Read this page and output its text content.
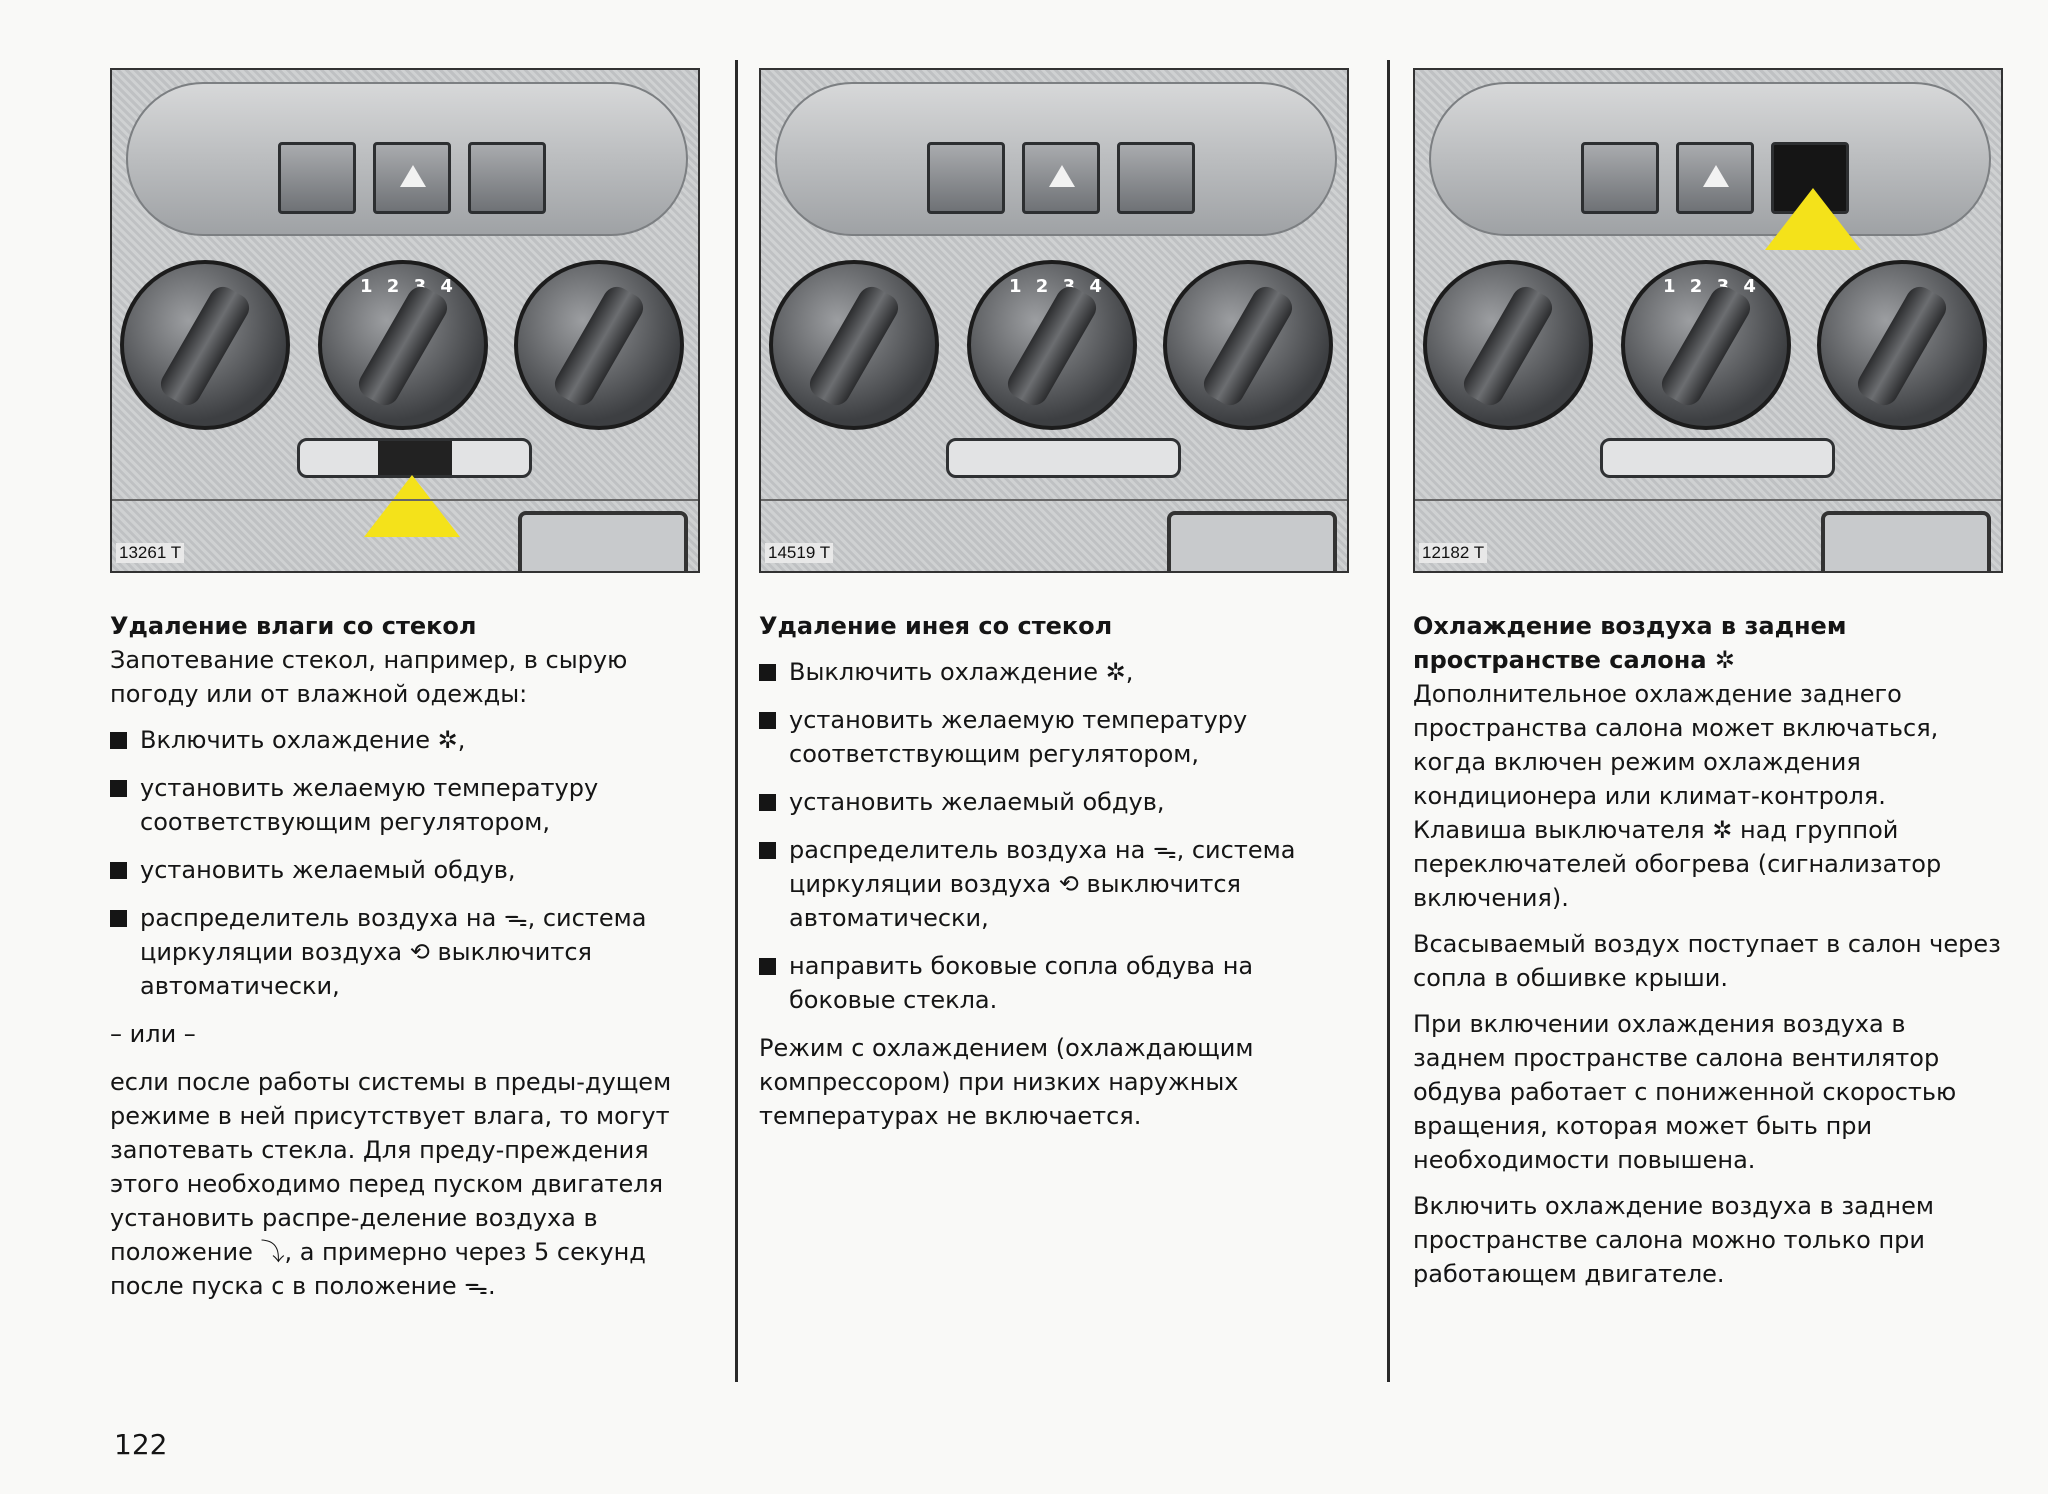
1 2 3 4
13261 T

Удаление влаги со стекол

Запотевание стекол, например, в сырую погоду или от влажной одежды:

Включить охлаждение ✲,

установить желаемую температуру соответствующим регулятором,

установить желаемый обдув,

распределитель воздуха на ᯓ, система циркуляции воздуха ⟲ выключится автоматически,

– или –

если после работы системы в преды-дущем режиме в ней присутствует влага, то могут запотевать стекла. Для преду-преждения этого необходимо перед пуском двигателя установить распре-деление воздуха в положение ⤵, а примерно через 5 секунд после пуска с в положение ᯓ.

1 2 3 4
14519 T

Удаление инея со стекол

Выключить охлаждение ✲,

установить желаемую температуру соответствующим регулятором,

установить желаемый обдув,

распределитель воздуха на ᯓ, система циркуляции воздуха ⟲ выключится автоматически,

направить боковые сопла обдува на боковые стекла.

Режим с охлаждением (охлаждающим компрессором) при низких наружных температурах не включается.

1 2 3 4
12182 T

Охлаждение воздуха в заднем пространстве салона ✲

Дополнительное охлаждение заднего пространства салона может включаться, когда включен режим охлаждения кондиционера или климат-контроля. Клавиша выключателя ✲ над группой переключателей обогрева (сигнализатор включения).

Всасываемый воздух поступает в салон через сопла в обшивке крыши.

При включении охлаждения воздуха в заднем пространстве салона вентилятор обдува работает с пониженной скоростью вращения, которая может быть при необходимости повышена.

Включить охлаждение воздуха в заднем пространстве салона можно только при работающем двигателе.

122
